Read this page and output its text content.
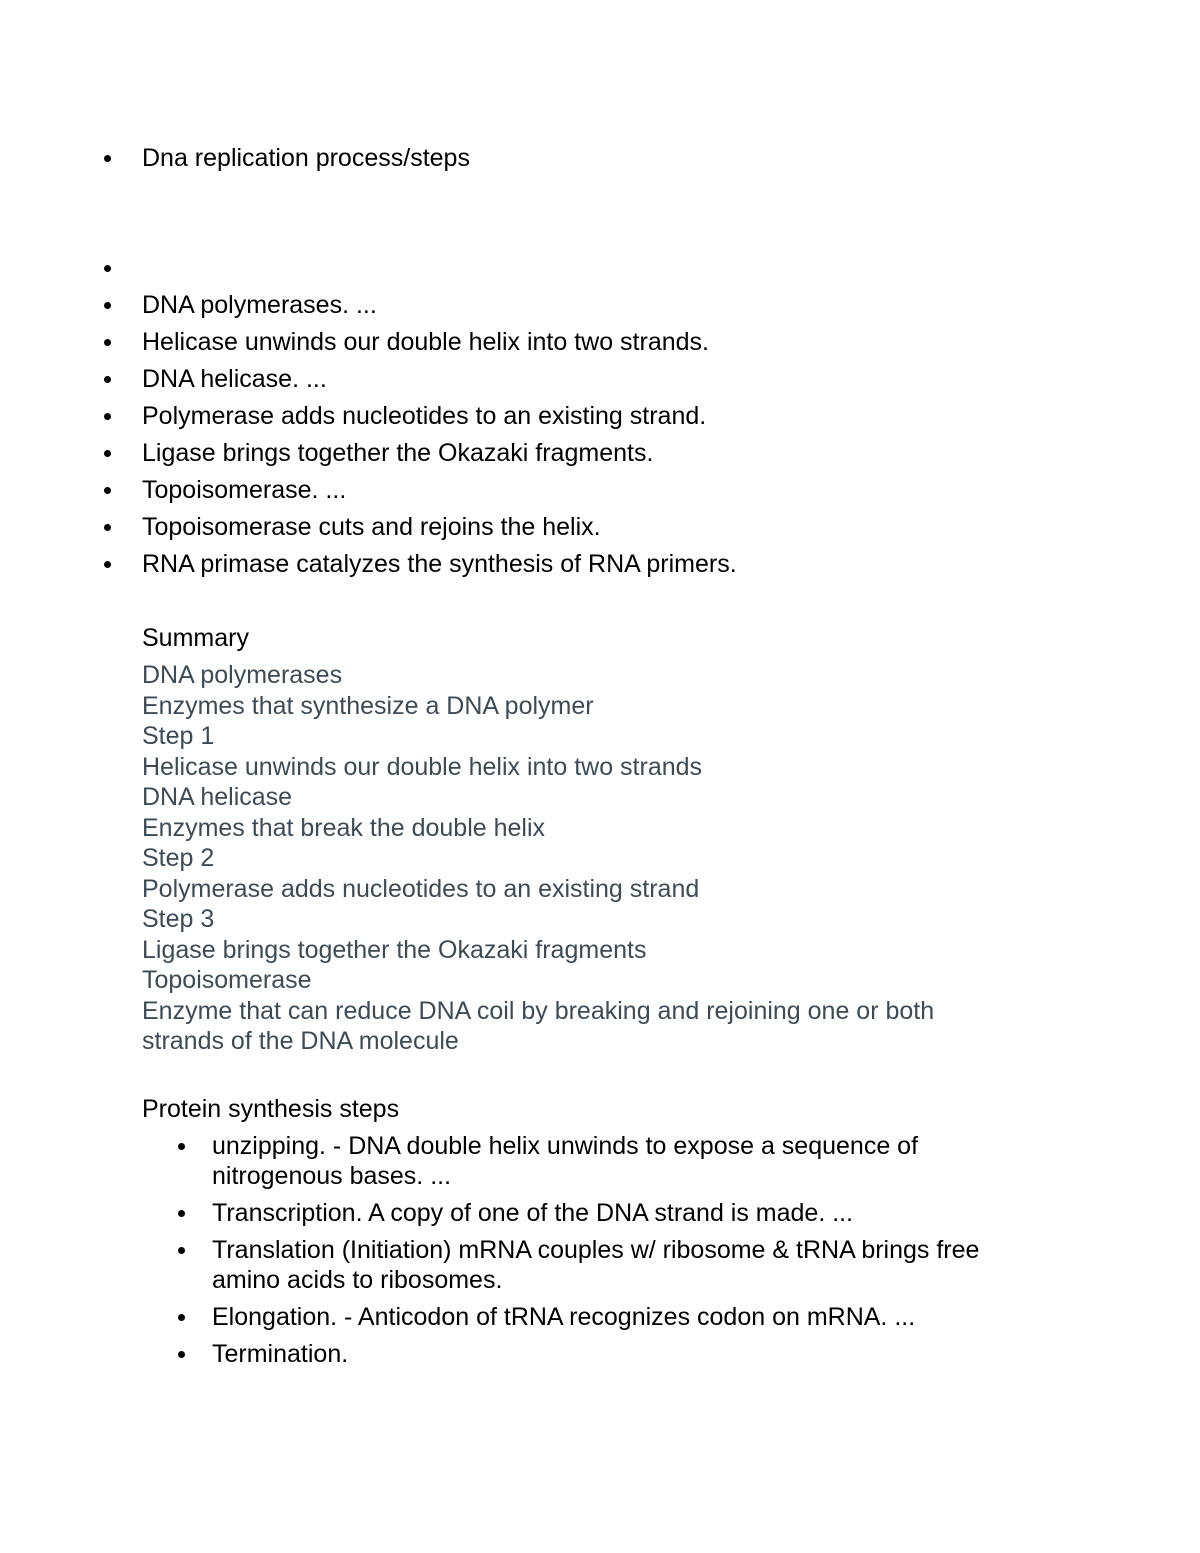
Dna replication process/steps
DNA polymerases. ...
Helicase unwinds our double helix into two strands.
DNA helicase. ...
Polymerase adds nucleotides to an existing strand.
Ligase brings together the Okazaki fragments.
Topoisomerase. ...
Topoisomerase cuts and rejoins the helix.
RNA primase catalyzes the synthesis of RNA primers.
Summary
DNA polymerases
Enzymes that synthesize a DNA polymer
Step 1
Helicase unwinds our double helix into two strands
DNA helicase
Enzymes that break the double helix
Step 2
Polymerase adds nucleotides to an existing strand
Step 3
Ligase brings together the Okazaki fragments
Topoisomerase
Enzyme that can reduce DNA coil by breaking and rejoining one or both strands of the DNA molecule
Protein synthesis steps
unzipping. - DNA double helix unwinds to expose a sequence of nitrogenous bases. ...
Transcription. A copy of one of the DNA strand is made. ...
Translation (Initiation) mRNA couples w/ ribosome & tRNA brings free amino acids to ribosomes.
Elongation. - Anticodon of tRNA recognizes codon on mRNA. ...
Termination.
